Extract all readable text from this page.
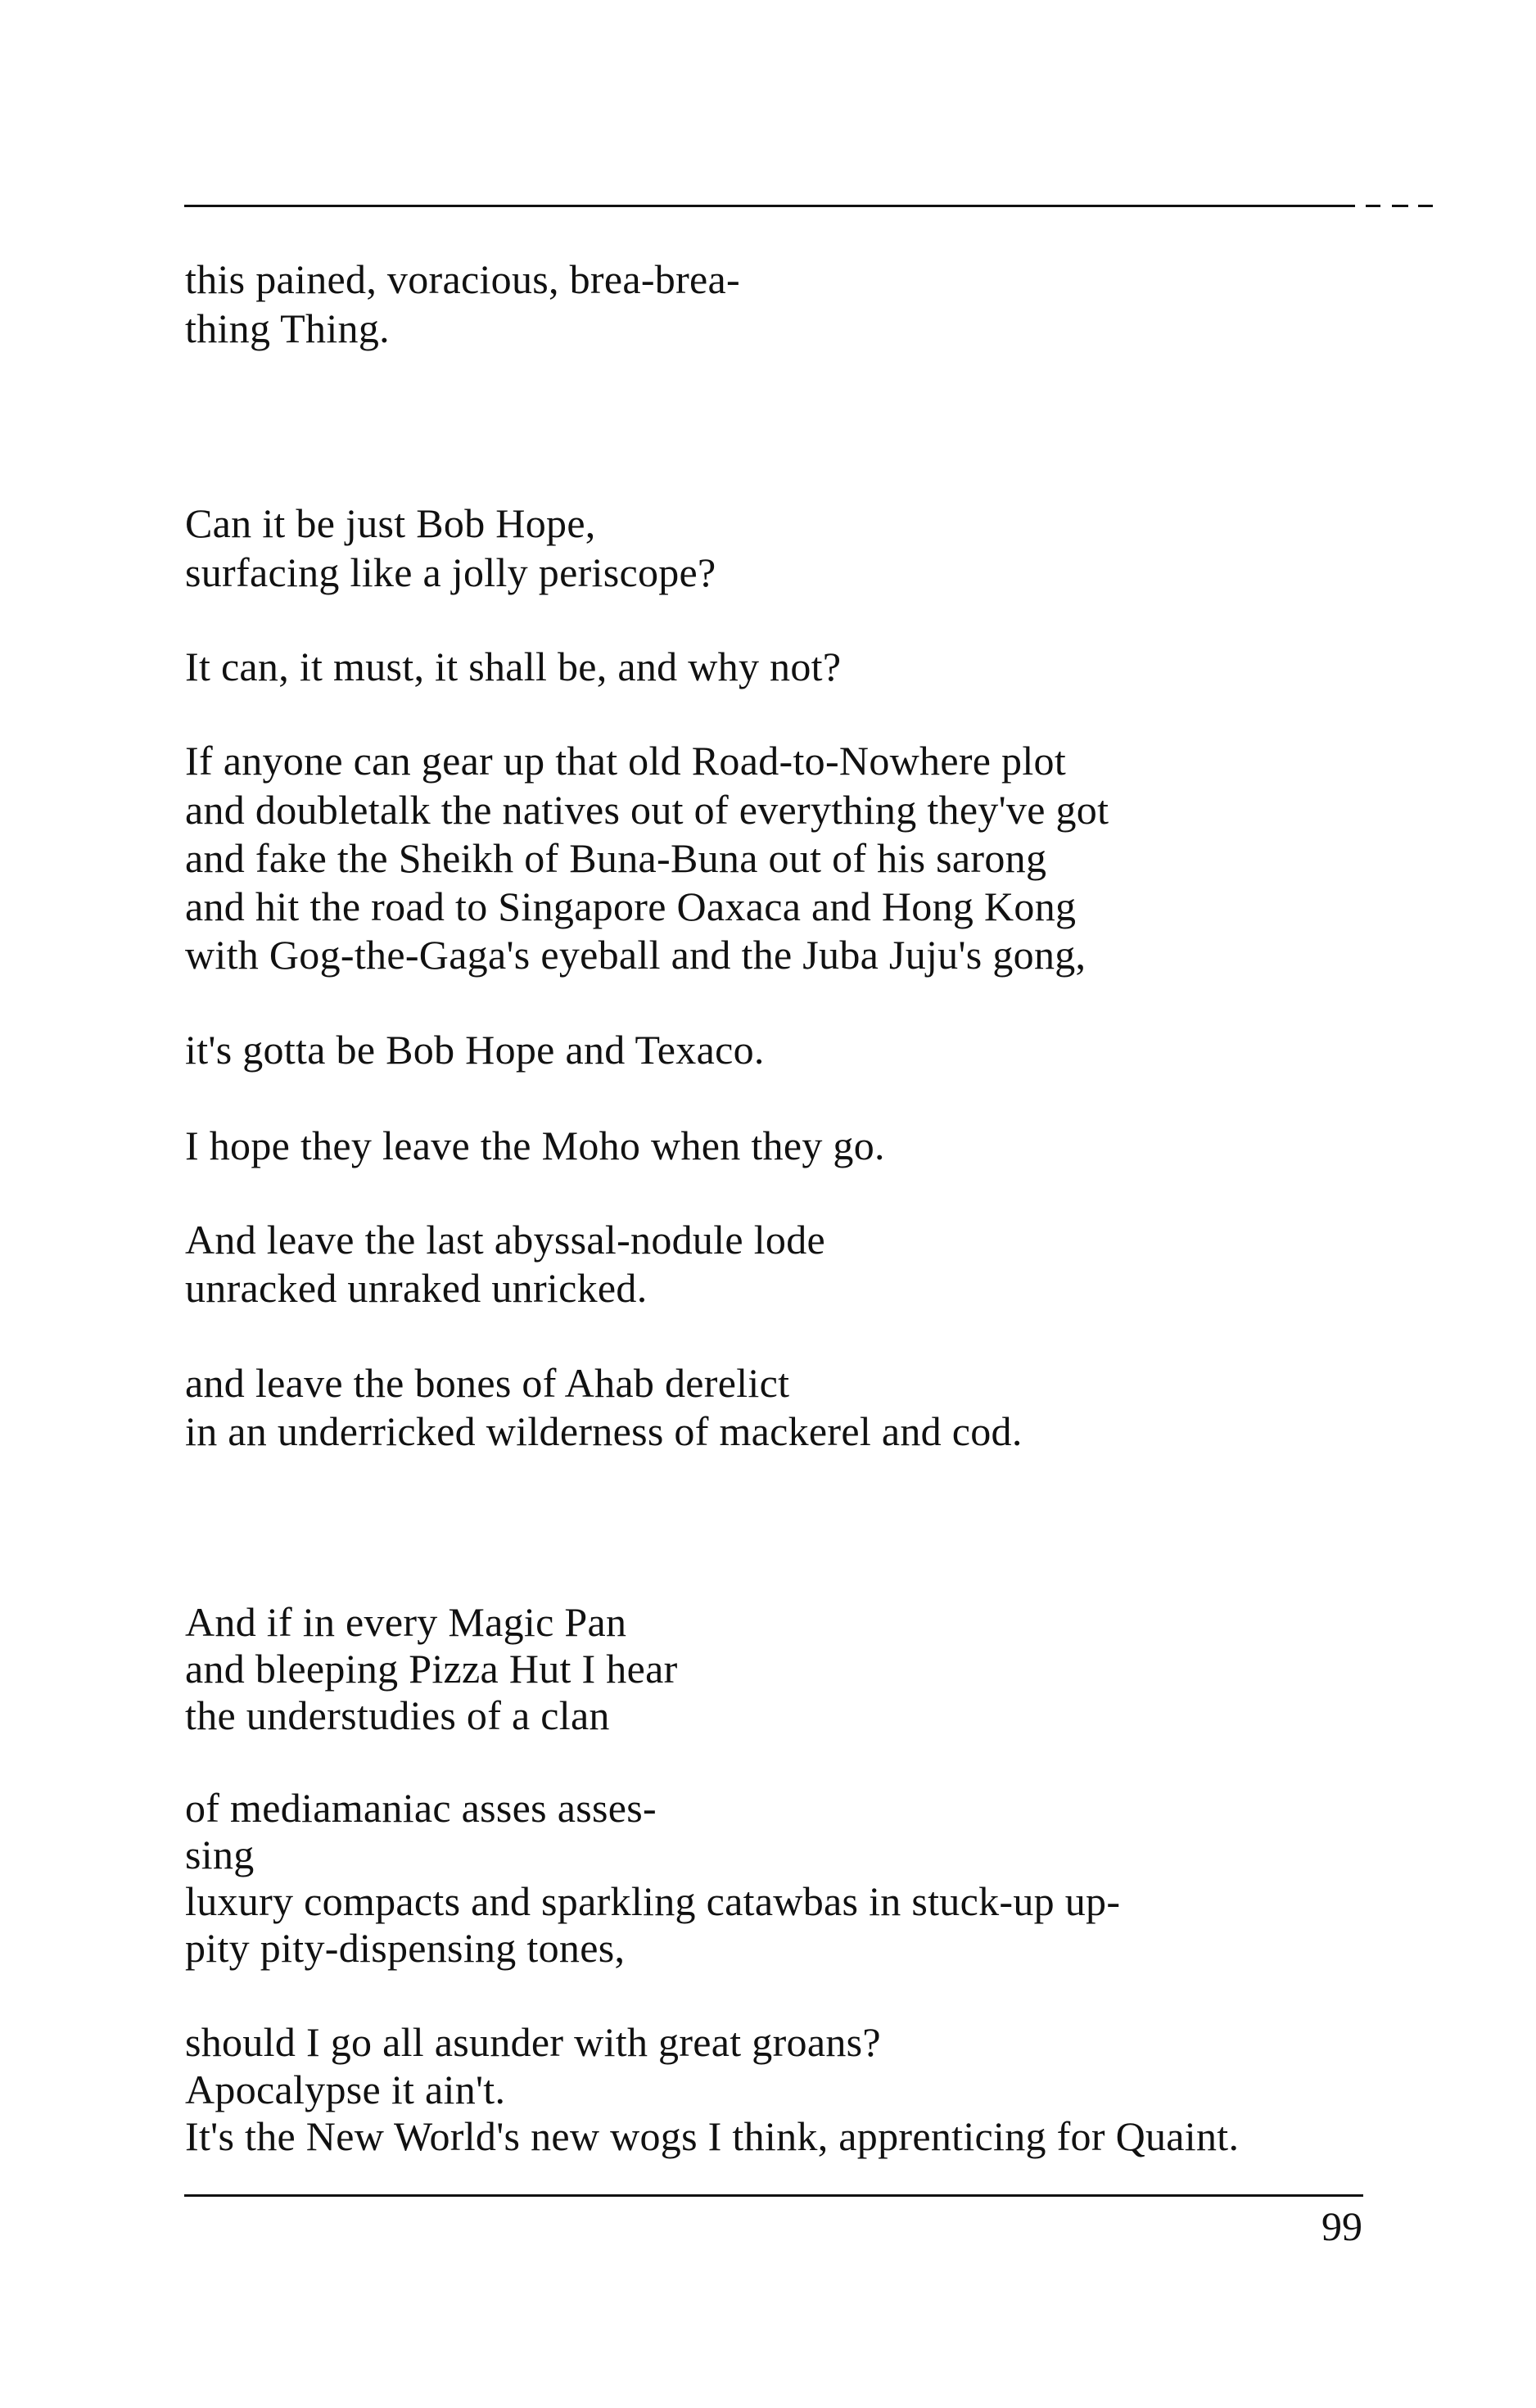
this pained, voracious, brea-brea-
thing Thing.
Can it be just Bob Hope,
surfacing like a jolly periscope?
It can, it must, it shall be, and why not?
If anyone can gear up that old Road-to-Nowhere plot
and doubletalk the natives out of everything they've got
and fake the Sheikh of Buna-Buna out of his sarong
and hit the road to Singapore Oaxaca and Hong Kong
with Gog-the-Gaga's eyeball and the Juba Juju's gong,
it's gotta be Bob Hope and Texaco.
I hope they leave the Moho when they go.
And leave the last abyssal-nodule lode
unracked unraked unricked.
and leave the bones of Ahab derelict
in an underricked wilderness of mackerel and cod.
And if in every Magic Pan
and bleeping Pizza Hut I hear
the understudies of a clan
of mediamaniac asses asses-
sing
luxury compacts and sparkling catawbas in stuck-up up-
pity pity-dispensing tones,
should I go all asunder with great groans?
Apocalypse it ain't.
It's the New World's new wogs I think, apprenticing for Quaint.
99
